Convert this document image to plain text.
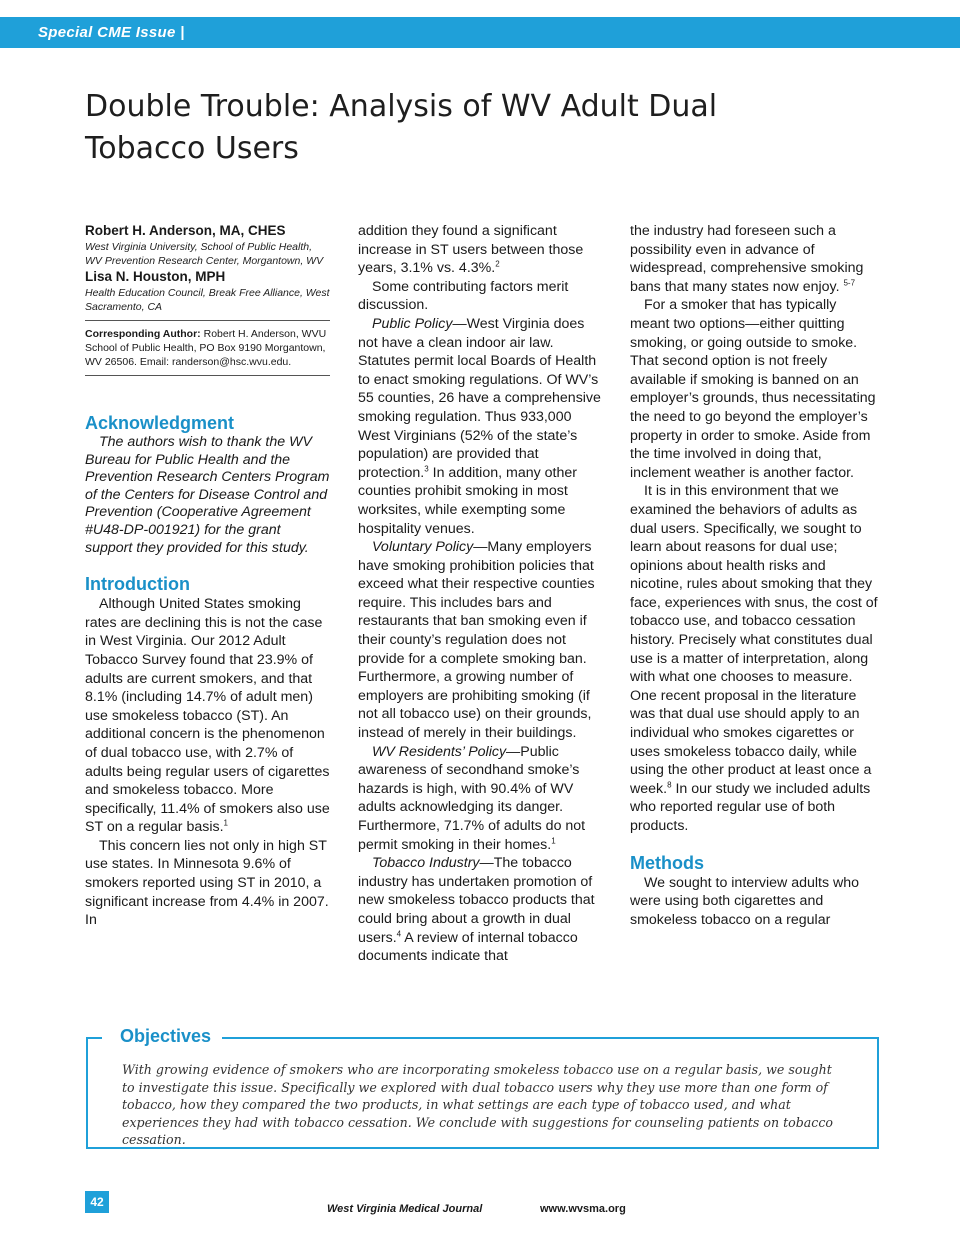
Special CME Issue |
Double Trouble: Analysis of WV Adult Dual Tobacco Users

Robert H. Anderson, MA, CHES

West Virginia University, School of Public Health, WV Prevention Research Center, Morgantown, WV

Lisa N. Houston, MPH

Health Education Council, Break Free Alliance, West Sacramento, CA

Corresponding Author: Robert H. Anderson, WVU School of Public Health, PO Box 9190 Morgantown, WV 26506. Email: randerson@hsc.wvu.edu.

Acknowledgment

The authors wish to thank the WV Bureau for Public Health and the Prevention Research Centers Program of the Centers for Disease Control and Prevention (Cooperative Agreement #U48-DP-001921) for the grant support they provided for this study.

Introduction

Although United States smoking rates are declining this is not the case in West Virginia. Our 2012 Adult Tobacco Survey found that 23.9% of adults are current smokers, and that 8.1% (including 14.7% of adult men) use smokeless tobacco (ST). An additional concern is the phenomenon of dual tobacco use, with 2.7% of adults being regular users of cigarettes and smokeless tobacco. More specifically, 11.4% of smokers also use ST on a regular basis.$^1$

This concern lies not only in high ST use states. In Minnesota 9.6% of smokers reported using ST in 2010, a significant increase from 4.4% in 2007. In

addition they found a significant increase in ST users between those years, 3.1% vs. 4.3%.$^2$

Some contributing factors merit discussion.

Public Policy—West Virginia does not have a clean indoor air law. Statutes permit local Boards of Health to enact smoking regulations. Of WV’s 55 counties, 26 have a comprehensive smoking regulation. Thus 933,000 West Virginians (52% of the state’s population) are provided that protection.$^3$ In addition, many other counties prohibit smoking in most worksites, while exempting some hospitality venues.

Voluntary Policy—Many employers have smoking prohibition policies that exceed what their respective counties require. This includes bars and restaurants that ban smoking even if their county’s regulation does not provide for a complete smoking ban. Furthermore, a growing number of employers are prohibiting smoking (if not all tobacco use) on their grounds, instead of merely in their buildings.

WV Residents’ Policy—Public awareness of secondhand smoke’s hazards is high, with 90.4% of WV adults acknowledging its danger. Furthermore, 71.7% of adults do not permit smoking in their homes.$^1$

Tobacco Industry—The tobacco industry has undertaken promotion of new smokeless tobacco products that could bring about a growth in dual users.$^4$ A review of internal tobacco documents indicate that

the industry had foreseen such a possibility even in advance of widespread, comprehensive smoking bans that many states now enjoy. $^{5-7}$

For a smoker that has typically meant two options—either quitting smoking, or going outside to smoke. That second option is not freely available if smoking is banned on an employer’s grounds, thus necessitating the need to go beyond the employer’s property in order to smoke. Aside from the time involved in doing that, inclement weather is another factor.

It is in this environment that we examined the behaviors of adults as dual users. Specifically, we sought to learn about reasons for dual use; opinions about health risks and nicotine, rules about smoking that they face, experiences with snus, the cost of tobacco use, and tobacco cessation history. Precisely what constitutes dual use is a matter of interpretation, along with what one chooses to measure. One recent proposal in the literature was that dual use should apply to an individual who smokes cigarettes or uses smokeless tobacco daily, while using the other product at least once a week.$^8$ In our study we included adults who reported regular use of both products.

Methods

We sought to interview adults who were using both cigarettes and smokeless tobacco on a regular

Objectives

With growing evidence of smokers who are incorporating smokeless tobacco use on a regular basis, we sought to investigate this issue. Specifically we explored with dual tobacco users why they use more than one form of tobacco, how they compared the two products, in what settings are each type of tobacco used, and what experiences they had with tobacco cessation. We conclude with suggestions for counseling patients on tobacco cessation.

42	West Virginia Medical Journal	www.wvsma.org
